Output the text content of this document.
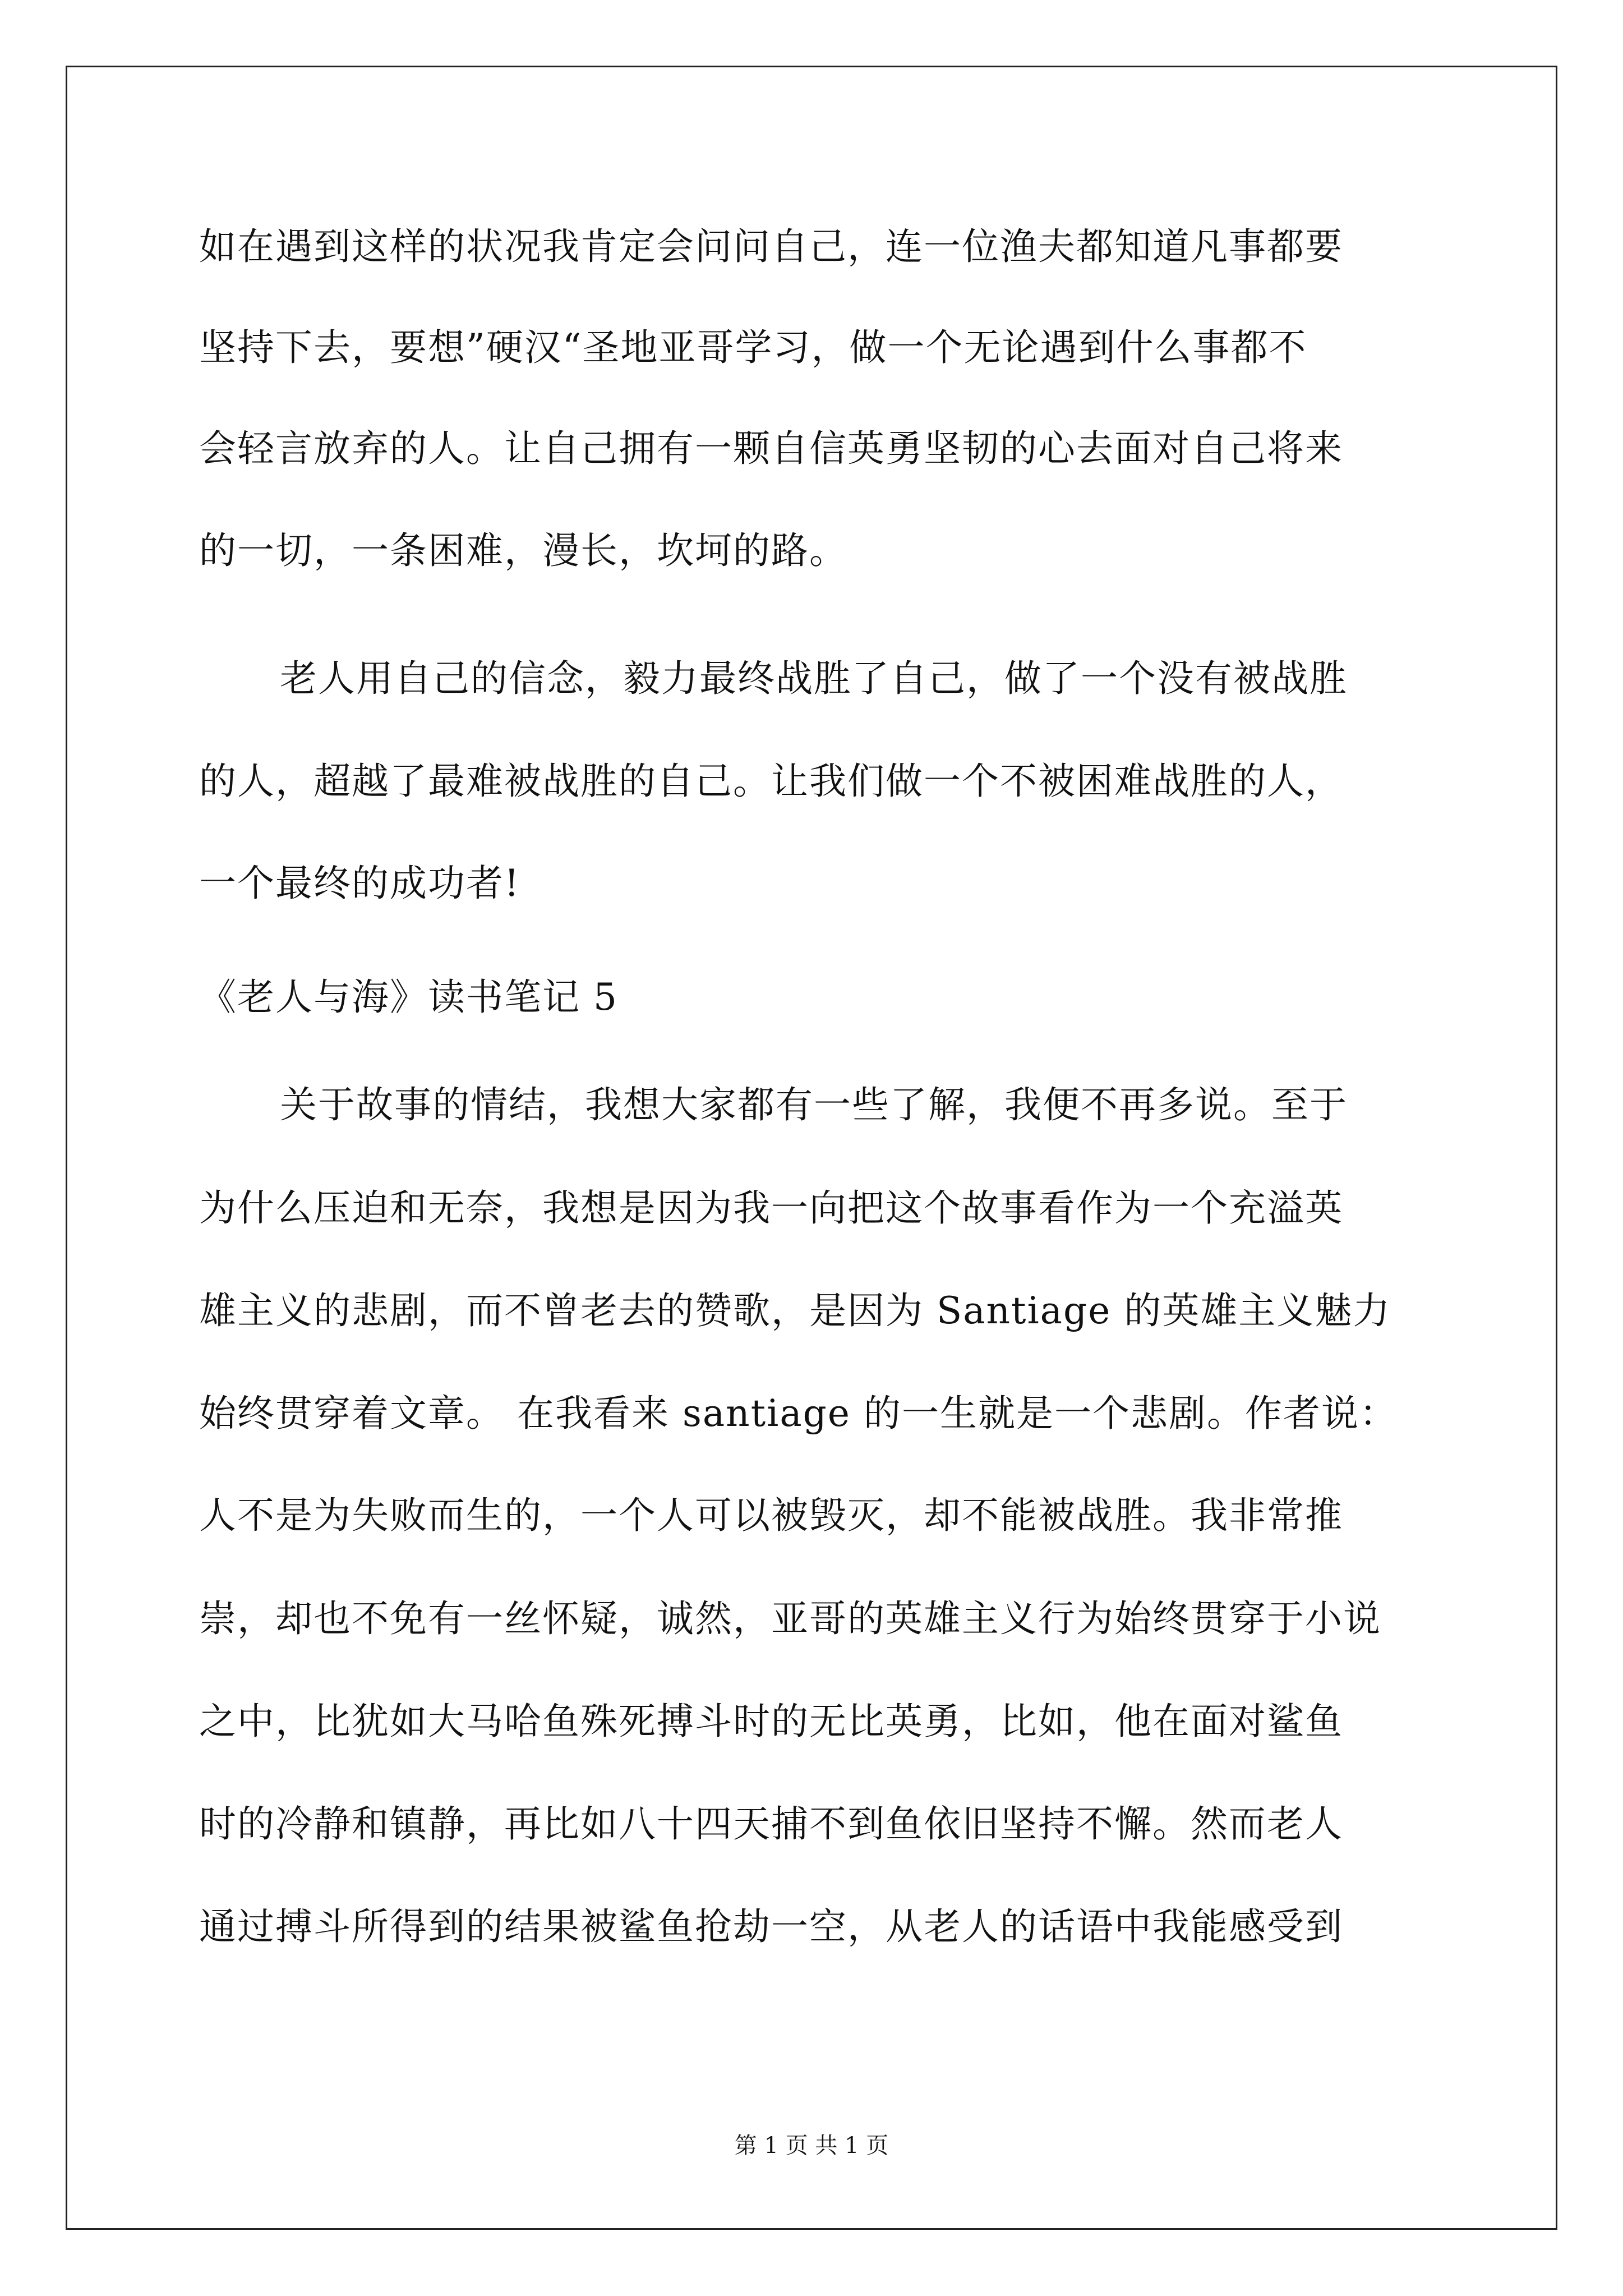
如在遇到这样的状况我肯定会问问自己，连一位渔夫都知道凡事都要
坚持下去，要想”硬汉“圣地亚哥学习，做一个无论遇到什么事都不
会轻言放弃的人。让自己拥有一颗自信英勇坚韧的心去面对自己将来
的一切，一条困难，漫长，坎坷的路。
老人用自己的信念，毅力最终战胜了自己，做了一个没有被战胜
的人，超越了最难被战胜的自己。让我们做一个不被困难战胜的人，
一个最终的成功者!
《老人与海》读书笔记 5
关于故事的情结，我想大家都有一些了解，我便不再多说。至于
为什么压迫和无奈，我想是因为我一向把这个故事看作为一个充溢英
雄主义的悲剧，而不曾老去的赞歌，是因为 Santiage 的英雄主义魅力
始终贯穿着文章。 在我看来 santiage 的一生就是一个悲剧。作者说：
人不是为失败而生的，一个人可以被毁灭，却不能被战胜。我非常推
崇，却也不免有一丝怀疑，诚然，亚哥的英雄主义行为始终贯穿于小说
之中，比犹如大马哈鱼殊死搏斗时的无比英勇，比如，他在面对鲨鱼
时的冷静和镇静，再比如八十四天捕不到鱼依旧坚持不懈。然而老人
通过搏斗所得到的结果被鲨鱼抢劫一空，从老人的话语中我能感受到
第 1 页 共 1 页
